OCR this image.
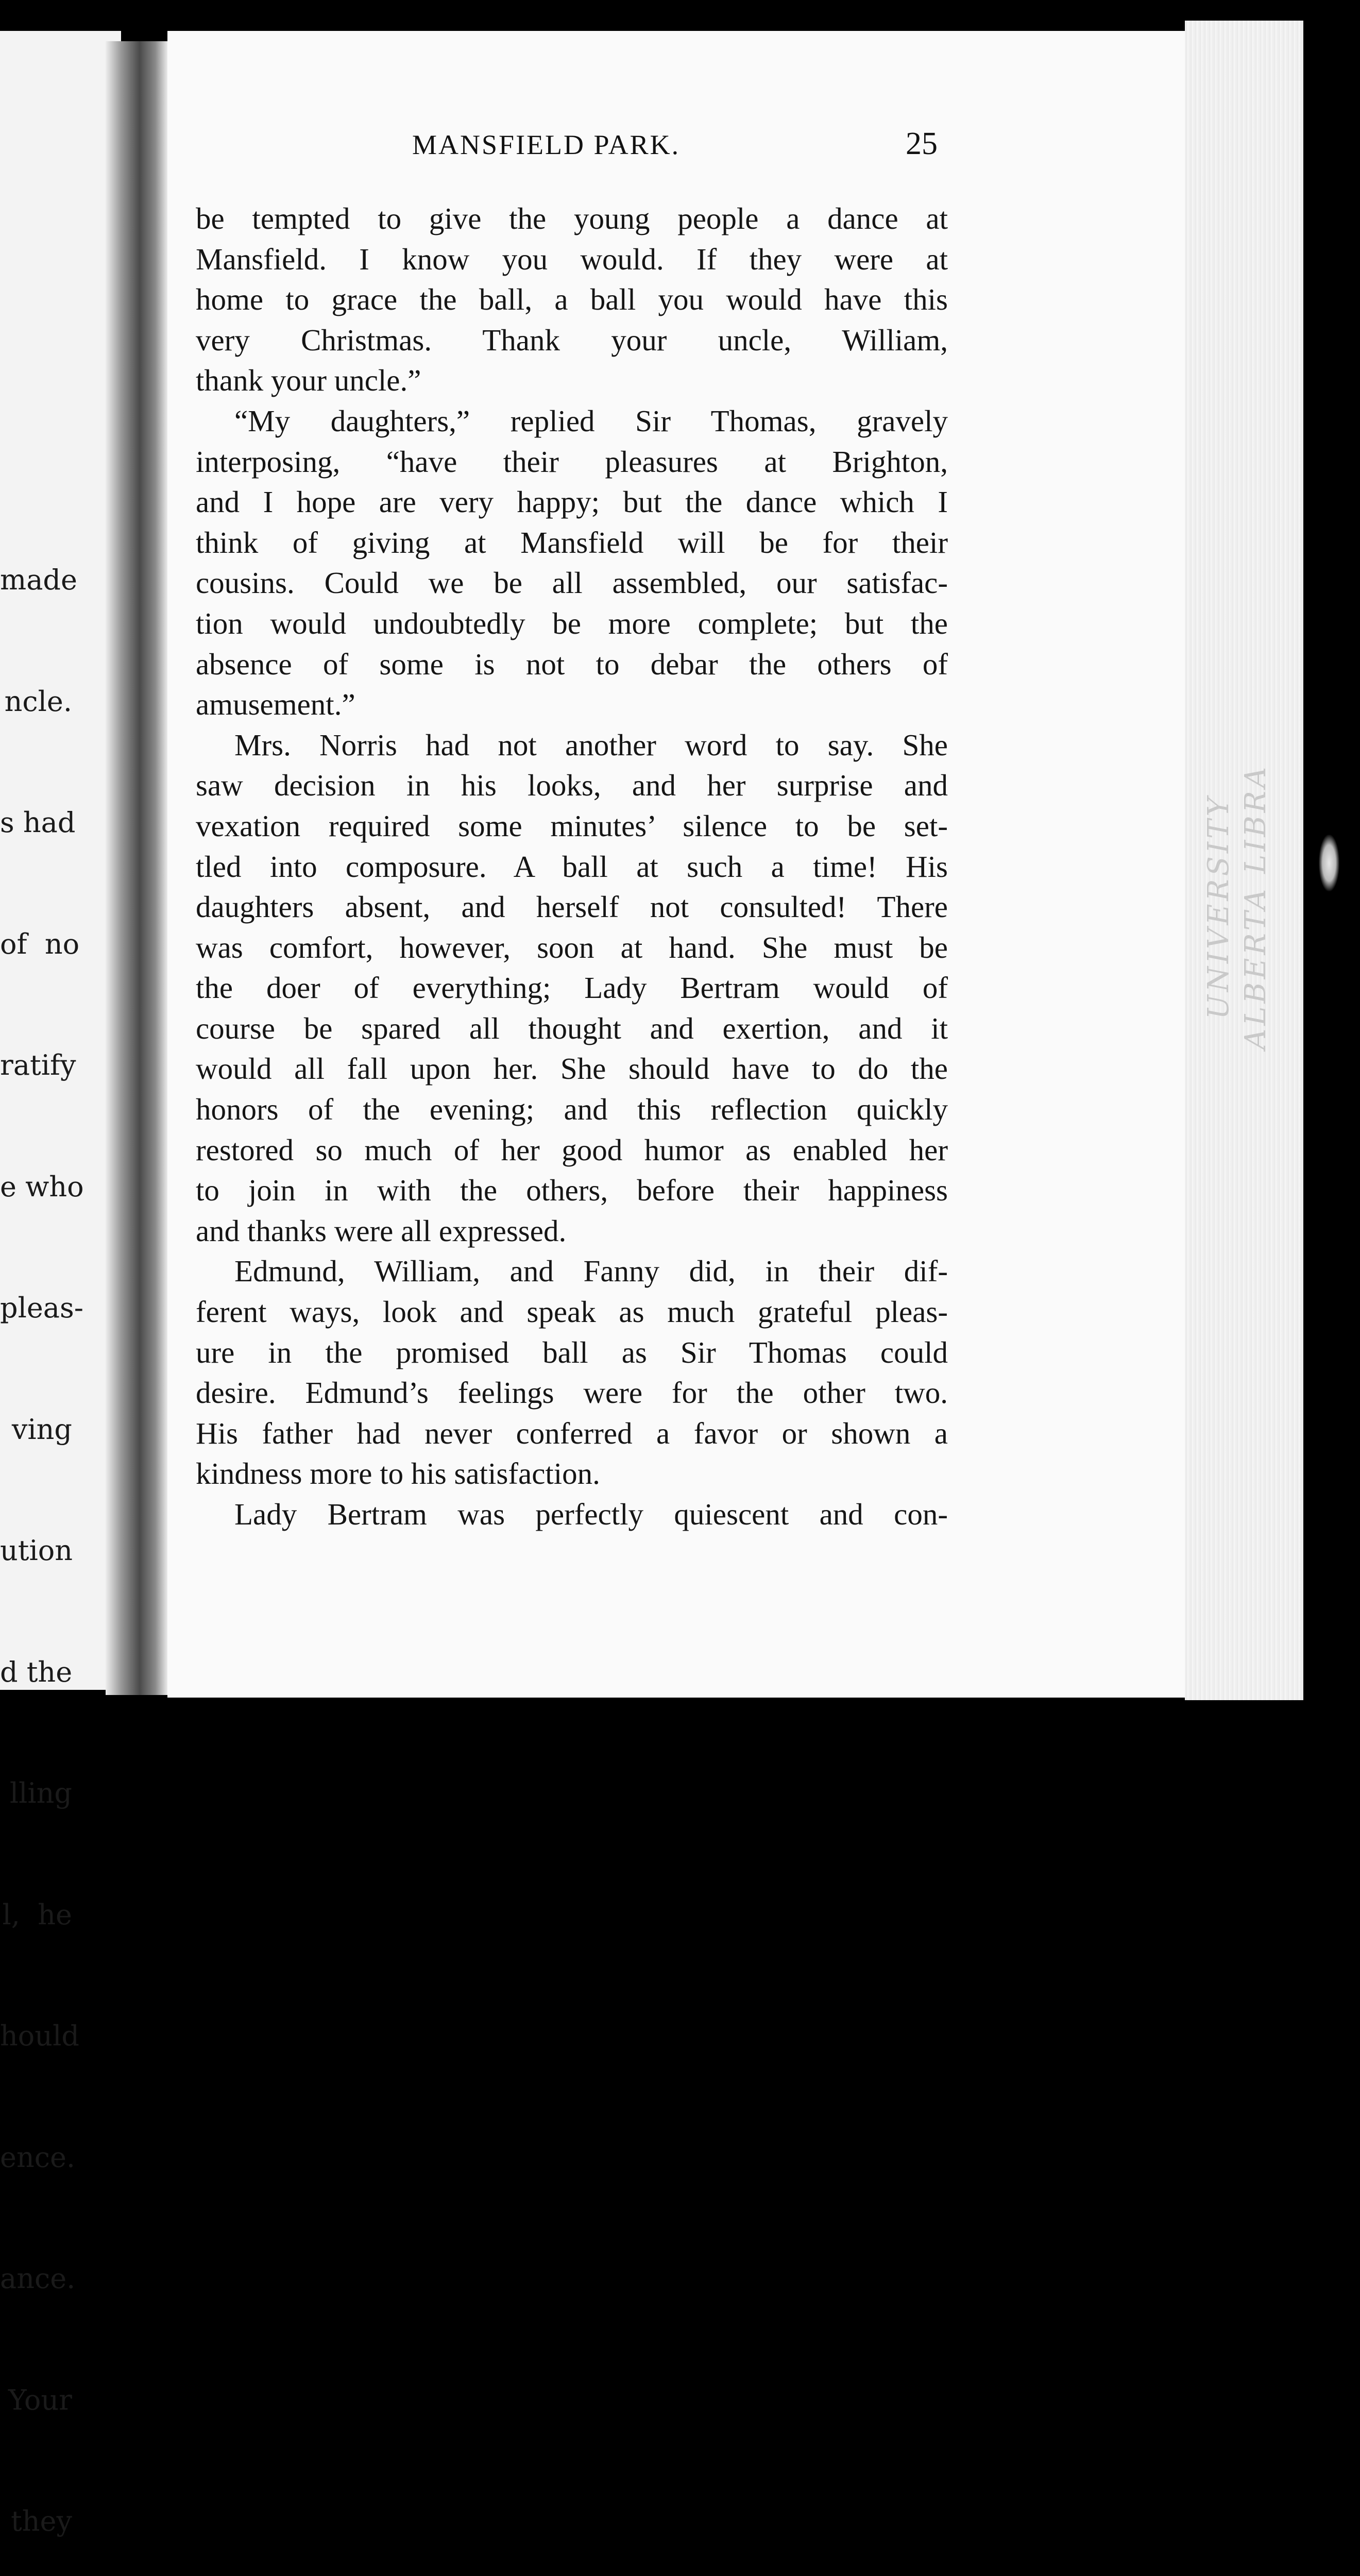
made

ncle.

s had

of  no

ratify

e who

pleas-

ving

ution

d the

lling

l,  he

hould

ence.

ance.

Your

they

UNIVERSITY ALBERTA LIBRA
MANSFIELD PARK.	25
be tempted to give the young people a dance at
Mansfield. I know you would. If they were at
home to grace the ball, a ball you would have this
very Christmas. Thank your uncle, William,
thank your uncle.”
“My daughters,” replied Sir Thomas, gravely
interposing, “have their pleasures at Brighton,
and I hope are very happy; but the dance which I
think of giving at Mansfield will be for their
cousins. Could we be all assembled, our satisfac-
tion would undoubtedly be more complete; but the
absence of some is not to debar the others of
amusement.”
Mrs. Norris had not another word to say. She
saw decision in his looks, and her surprise and
vexation required some minutes’ silence to be set-
tled into composure. A ball at such a time! His
daughters absent, and herself not consulted! There
was comfort, however, soon at hand. She must be
the doer of everything; Lady Bertram would of
course be spared all thought and exertion, and it
would all fall upon her. She should have to do the
honors of the evening; and this reflection quickly
restored so much of her good humor as enabled her
to join in with the others, before their happiness
and thanks were all expressed.
Edmund, William, and Fanny did, in their dif-
ferent ways, look and speak as much grateful pleas-
ure in the promised ball as Sir Thomas could
desire. Edmund’s feelings were for the other two.
His father had never conferred a favor or shown a
kindness more to his satisfaction.
Lady Bertram was perfectly quiescent and con-
